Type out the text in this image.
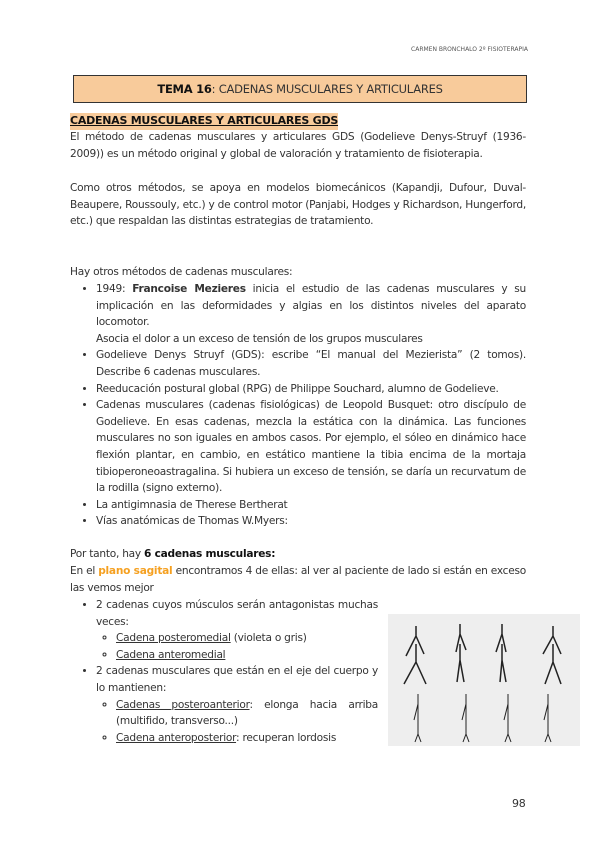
CARMEN BRONCHALO 2º FISIOTERAPIA
TEMA 16: CADENAS MUSCULARES Y ARTICULARES
CADENAS MUSCULARES Y ARTICULARES GDS
El método de cadenas musculares y articulares GDS (Godelieve Denys-Struyf (1936-2009)) es un método original y global de valoración y tratamiento de fisioterapia.
Como otros métodos, se apoya en modelos biomecánicos (Kapandji, Dufour, Duval-Beaupere, Roussouly, etc.) y de control motor (Panjabi, Hodges y Richardson, Hungerford, etc.) que respaldan las distintas estrategias de tratamiento.
Hay otros métodos de cadenas musculares:
• 1949: Francoise Mezieres inicia el estudio de las cadenas musculares y su implicación en las deformidades y algias en los distintos niveles del aparato locomotor.
Asocia el dolor a un exceso de tensión de los grupos musculares
• Godelieve Denys Struyf (GDS): escribe “El manual del Mezierista” (2 tomos). Describe 6 cadenas musculares.
• Reeducación postural global (RPG) de Philippe Souchard, alumno de Godelieve.
• Cadenas musculares (cadenas fisiológicas) de Leopold Busquet: otro discípulo de Godelieve. En esas cadenas, mezcla la estática con la dinámica. Las funciones musculares no son iguales en ambos casos. Por ejemplo, el sóleo en dinámico hace flexión plantar, en cambio, en estático mantiene la tibia encima de la mortaja tibioperoneoastragalina. Si hubiera un exceso de tensión, se daría un recurvatum de la rodilla (signo externo).
• La antigimnasia de Therese Bertherat
• Vías anatómicas de Thomas W.Myers:
Por tanto, hay 6 cadenas musculares:
En el plano sagital encontramos 4 de ellas: al ver al paciente de lado si están en exceso las vemos mejor
• 2 cadenas cuyos músculos serán antagonistas muchas veces:
◦ Cadena posteromedial (violeta o gris)
◦ Cadena anteromedial
• 2 cadenas musculares que están en el eje del cuerpo y lo mantienen:
◦ Cadenas posteroanterior: elonga hacia arriba (multifido, transverso...)
◦ Cadena anteroposterior: recuperan lordosis
98
